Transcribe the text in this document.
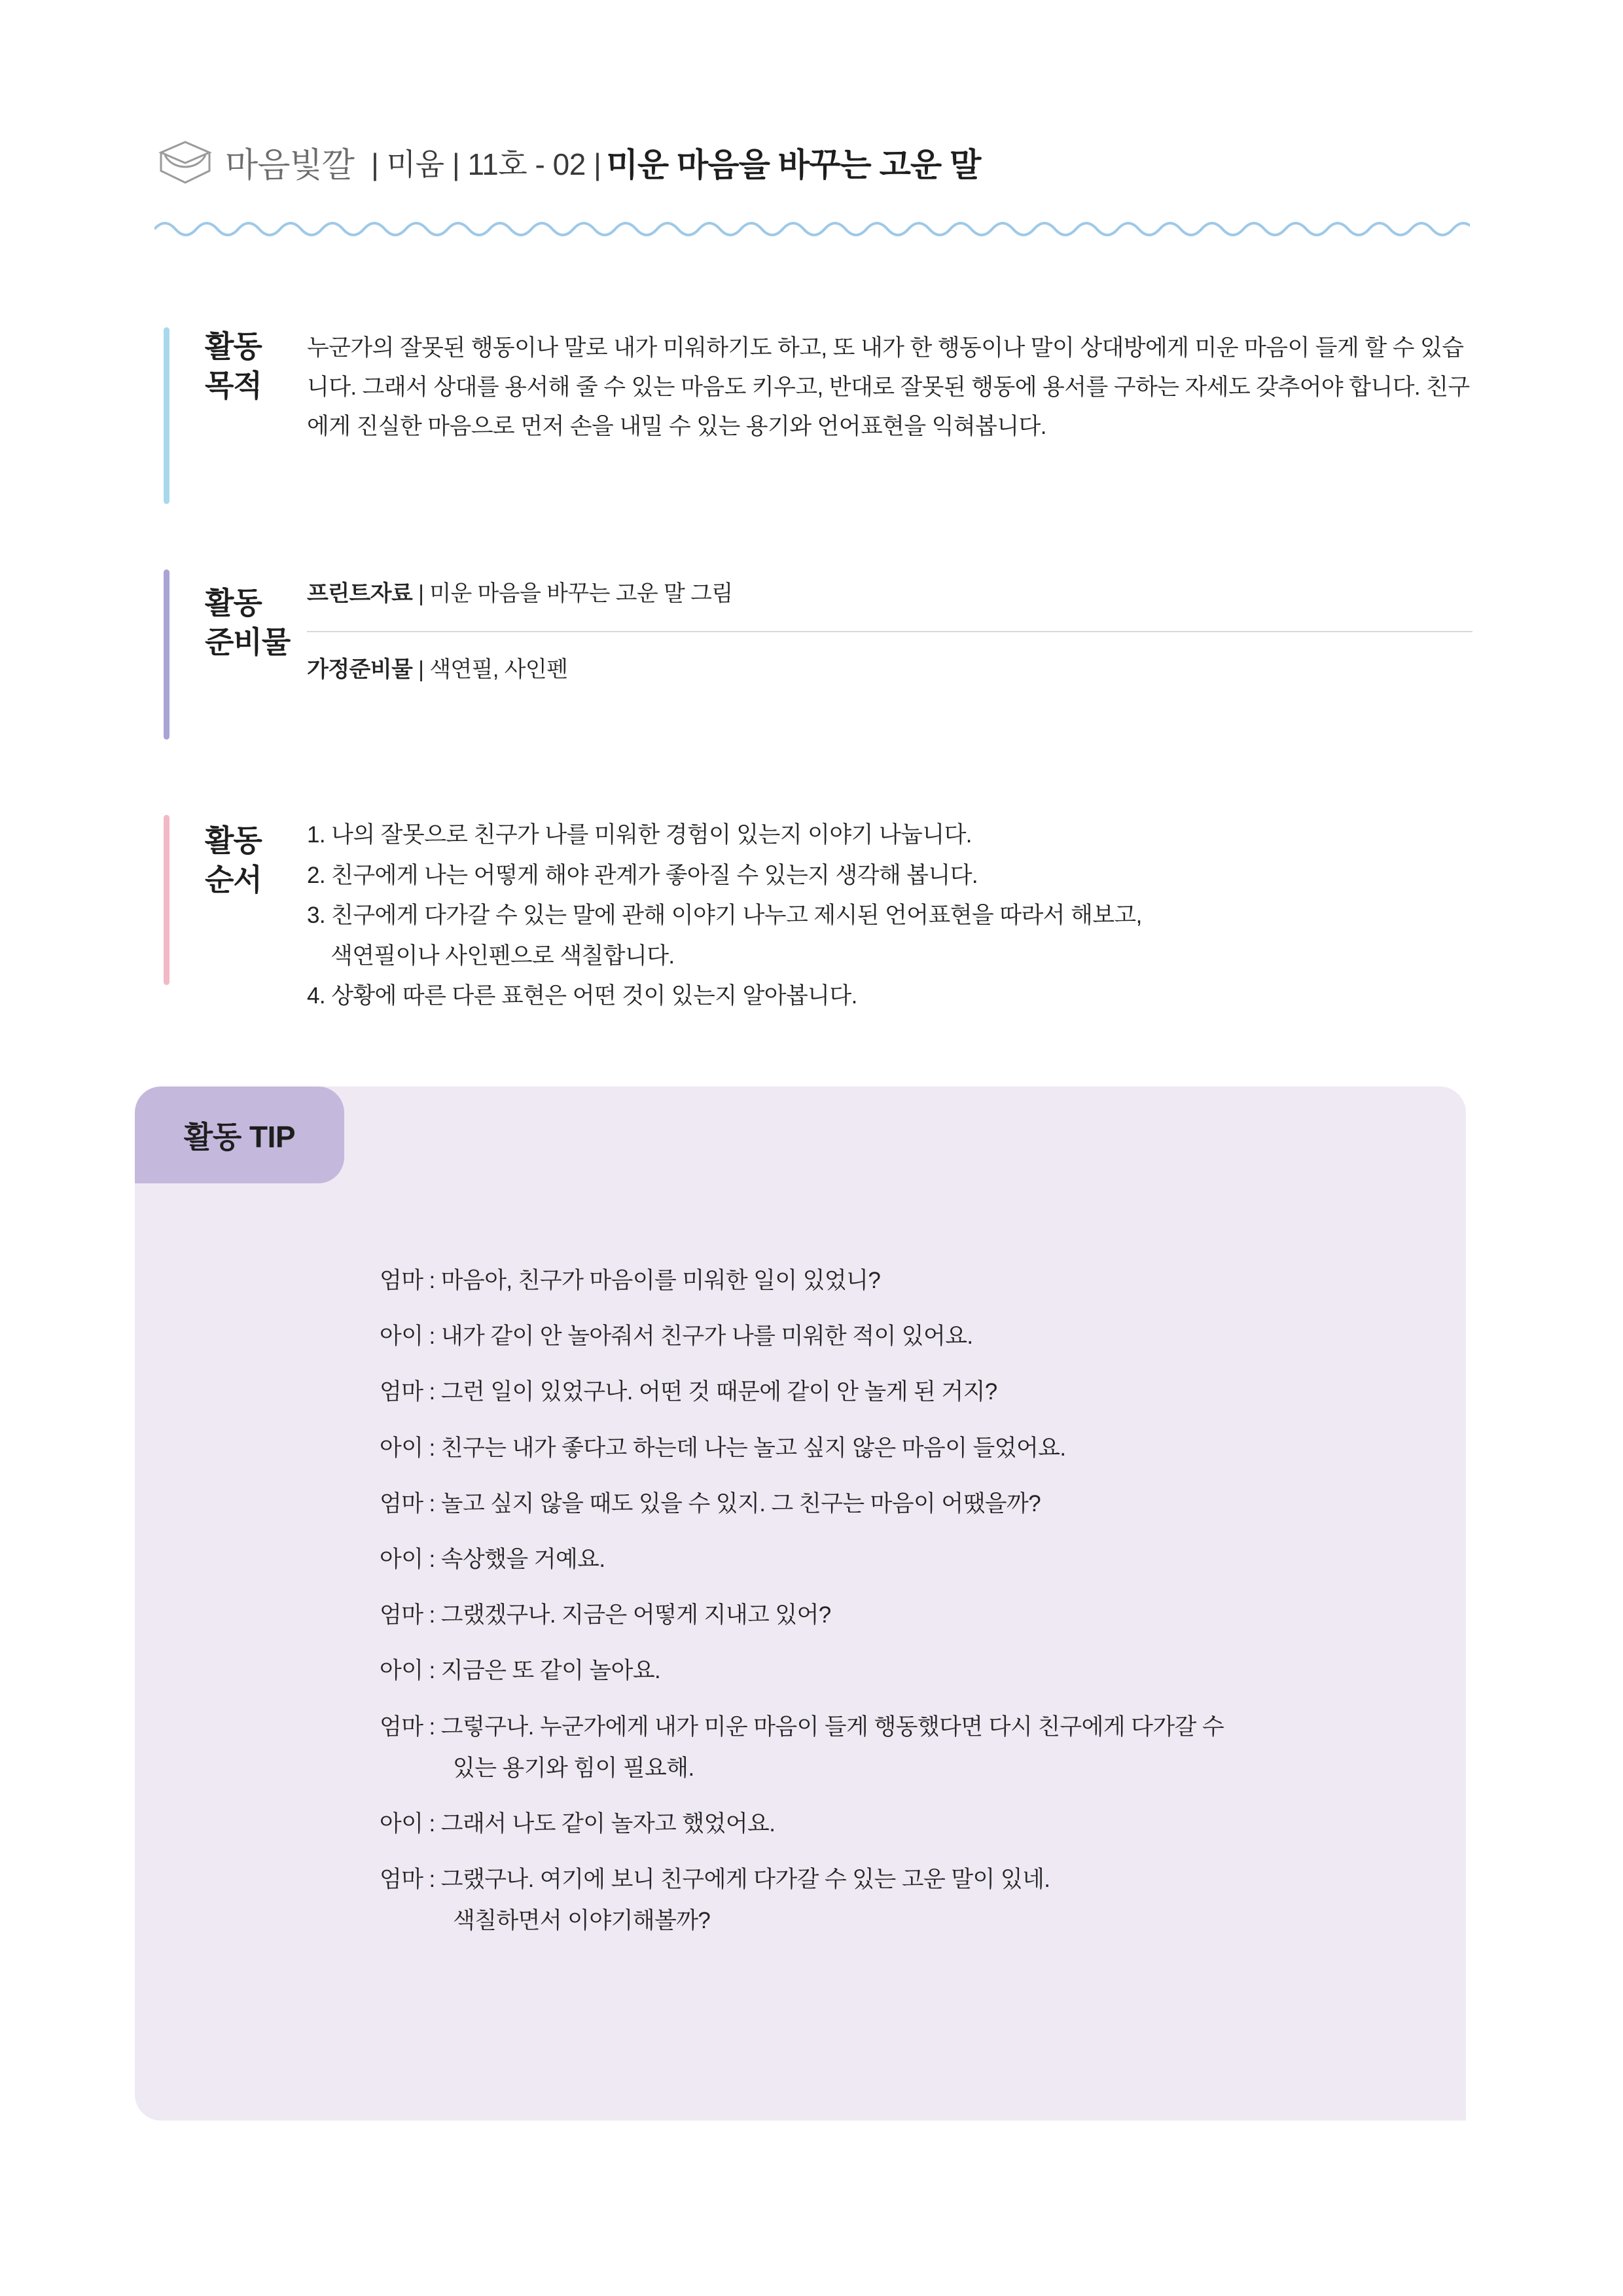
마음빛깔 | 미움 | 11호 - 02 | 미운 마음을 바꾸는 고운 말
활동
목적
누군가의 잘못된 행동이나 말로 내가 미워하기도 하고, 또 내가 한 행동이나 말이 상대방에게 미운 마음이 들게 할 수 있습니다. 그래서 상대를 용서해 줄 수 있는 마음도 키우고, 반대로 잘못된 행동에 용서를 구하는 자세도 갖추어야 합니다. 친구에게 진실한 마음으로 먼저 손을 내밀 수 있는 용기와 언어표현을 익혀봅니다.
활동
준비물
프린트자료 | 미운 마음을 바꾸는 고운 말 그림
가정준비물 | 색연필, 사인펜
활동
순서
1. 나의 잘못으로 친구가 나를 미워한 경험이 있는지 이야기 나눕니다.
2. 친구에게 나는 어떻게 해야 관계가 좋아질 수 있는지 생각해 봅니다.
3. 친구에게 다가갈 수 있는 말에 관해 이야기 나누고 제시된 언어표현을 따라서 해보고,
색연필이나 사인펜으로 색칠합니다.
4. 상황에 따른 다른 표현은 어떤 것이 있는지 알아봅니다.
활동 TIP
엄마 : 마음아, 친구가 마음이를 미워한 일이 있었니?
아이 : 내가 같이 안 놀아줘서 친구가 나를 미워한 적이 있어요.
엄마 : 그런 일이 있었구나. 어떤 것 때문에 같이 안 놀게 된 거지?
아이 : 친구는 내가 좋다고 하는데 나는 놀고 싶지 않은 마음이 들었어요.
엄마 : 놀고 싶지 않을 때도 있을 수 있지. 그 친구는 마음이 어땠을까?
아이 : 속상했을 거예요.
엄마 : 그랬겠구나. 지금은 어떻게 지내고 있어?
아이 : 지금은 또 같이 놀아요.
엄마 : 그렇구나. 누군가에게 내가 미운 마음이 들게 행동했다면 다시 친구에게 다가갈 수
있는 용기와 힘이 필요해.
아이 : 그래서 나도 같이 놀자고 했었어요.
엄마 : 그랬구나. 여기에 보니 친구에게 다가갈 수 있는 고운 말이 있네.
색칠하면서 이야기해볼까?
